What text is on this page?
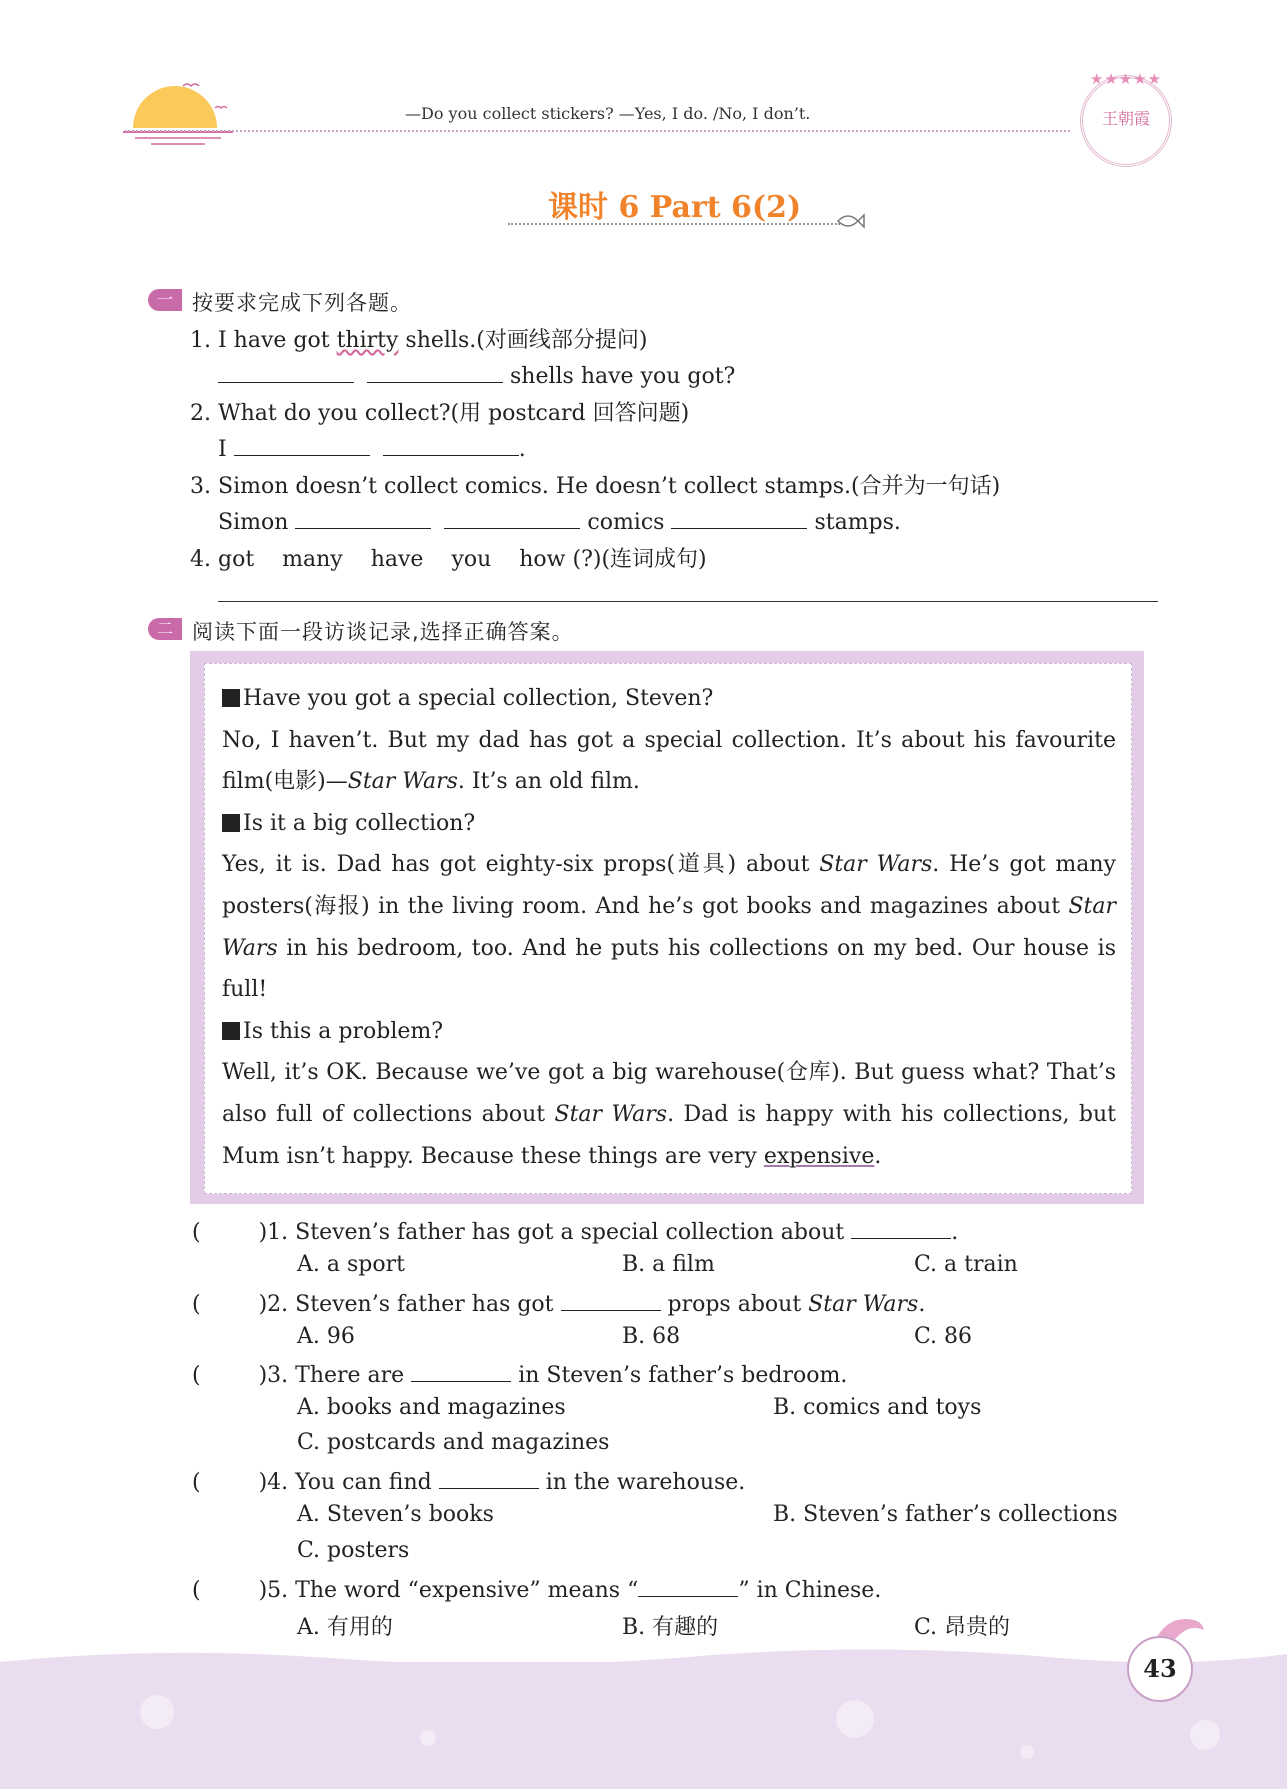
—Do you collect stickers? —Yes, I do. /No, I don’t.
★★★★★
王朝霞
课时 6 Part 6(2)
一 按要求完成下列各题。
1. I have got thirty shells.(对画线部分提问)
shells have you got?
2. What do you collect?(用 postcard 回答问题)
I	.
3. Simon doesn’t collect comics. He doesn’t collect stamps.(合并为一句话)
Simon	comics	stamps.
4. got many have you how (?)(连词成句)
二 阅读下面一段访谈记录,选择正确答案。

Have you got a special collection, Steven?

No, I haven’t. But my dad has got a special collection. It’s about his favourite film(电影)—Star Wars. It’s an old film.

Is it a big collection?

Yes, it is. Dad has got eighty-six props(道具) about Star Wars. He’s got many posters(海报) in the living room. And he’s got books and magazines about Star Wars in his bedroom, too. And he puts his collections on my bed. Our house is full!

Is this a problem?

Well, it’s OK. Because we’ve got a big warehouse(仓库). But guess what? That’s also full of collections about Star Wars. Dad is happy with his collections, but Mum isn’t happy. Because these things are very expensive.

(	)1. Steven’s father has got a special collection about	.
A. a sport	B. a film	C. a train
(	)2. Steven’s father has got	props about Star Wars.
A. 96	B. 68	C. 86
(	)3. There are	in Steven’s father’s bedroom.
A. books and magazines	B. comics and toys
C. postcards and magazines
(	)4. You can find	in the warehouse.
A. Steven’s books	B. Steven’s father’s collections
C. posters
(	)5. The word “expensive” means “	” in Chinese.
A. 有用的	B. 有趣的	C. 昂贵的
43
